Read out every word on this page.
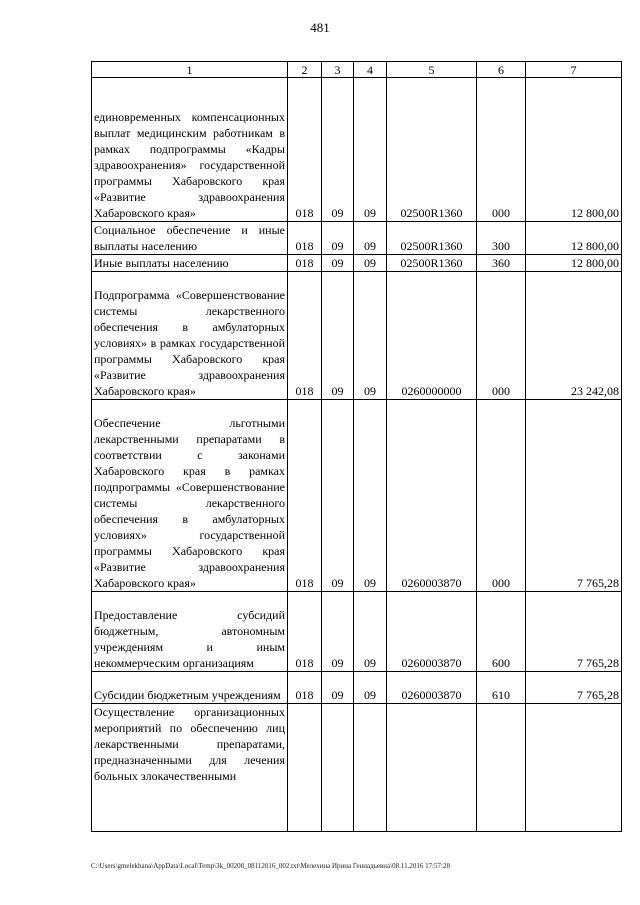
481
1	2	3	4	5	6	7
единовременных компенсационных выплат медицинским работникам в рамках подпрограммы «Кадры здравоохранения» государственной программы Хабаровского края «Развитие здравоохранения Хабаровского края»	018	09	09	02500R1360	000	12 800,00
Социальное обеспечение и иные выплаты населению	018	09	09	02500R1360	300	12 800,00
Иные выплаты населению	018	09	09	02500R1360	360	12 800,00
Подпрограмма «Совершенствование системы лекарственного обеспечения в амбулаторных условиях» в рамках государственной программы Хабаровского края «Развитие здравоохранения Хабаровского края»	018	09	09	0260000000	000	23 242,08
Обеспечение льготными лекарственными препаратами в соответствии с законами Хабаровского края в рамках подпрограммы «Совершенствование системы лекарственного обеспечения в амбулаторных условиях» государственной программы Хабаровского края «Развитие здравоохранения Хабаровского края»	018	09	09	0260003870	000	7 765,28
Предоставление субсидий бюджетным, автономным учреждениям и иным некоммерческим организациям	018	09	09	0260003870	600	7 765,28
Субсидии бюджетным учреждениям	018	09	09	0260003870	610	7 765,28
Осуществление организационных мероприятий по обеспечению лиц лекарственными препаратами, предназначенными для лечения больных злокачественными						
C:\Users\gmelekhana\AppData\Local\Temp\3k_00208_08112016_002.txt\Мелехина Ирина Геннадьевна\08.11.2016 17:57:28
